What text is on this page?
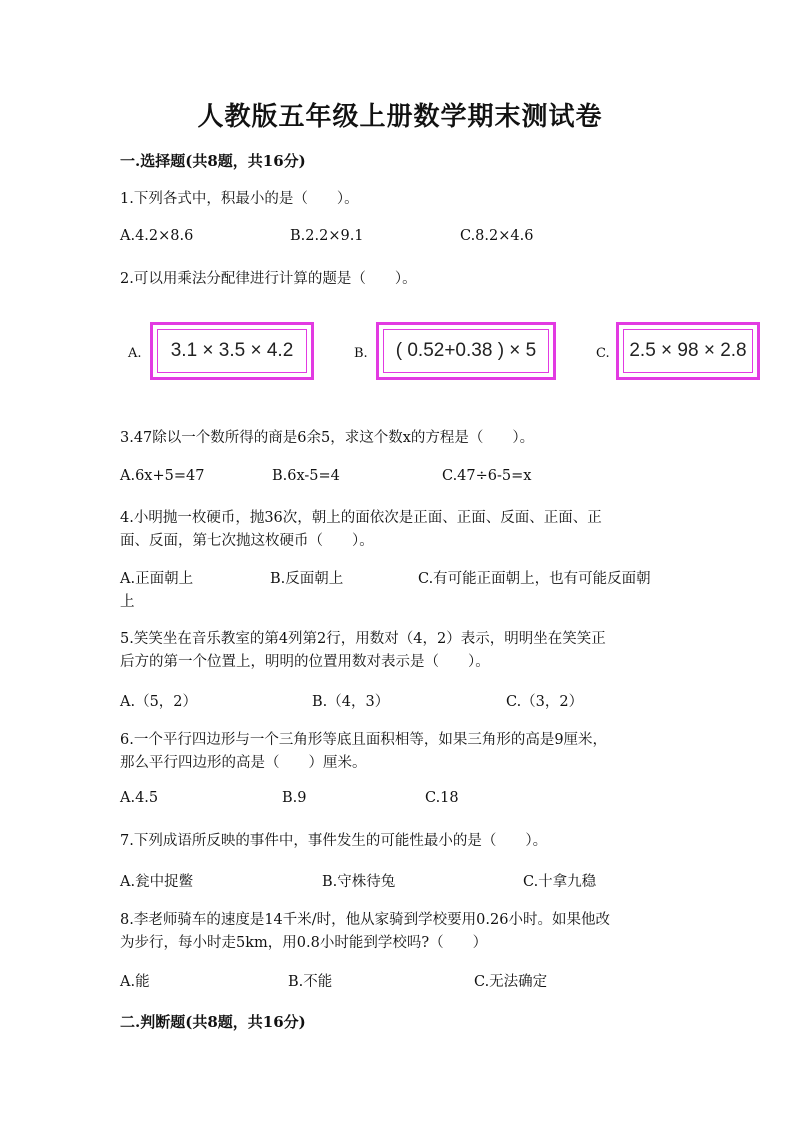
人教版五年级上册数学期末测试卷
一.选择题(共8题，共16分)
1.下列各式中，积最小的是（　　）。
A.4.2×8.6	B.2.2×9.1	C.8.2×4.6
2.可以用乘法分配律进行计算的题是（　　）。
A.	3.1 × 3.5 × 4.2	B.	( 0.52+0.38 ) × 5	C.	2.5 × 98 × 2.8
3.47除以一个数所得的商是6余5，求这个数x的方程是（　　）。
A.6x+5=47	B.6x-5=4	C.47÷6-5=x
4.小明抛一枚硬币，抛36次，朝上的面依次是正面、正面、反面、正面、正
面、反面，第七次抛这枚硬币（　　）。
A.正面朝上	B.反面朝上	C.有可能正面朝上，也有可能反面朝
上
5.笑笑坐在音乐教室的第4列第2行，用数对（4，2）表示，明明坐在笑笑正
后方的第一个位置上，明明的位置用数对表示是（　　）。
A.（5，2）	B.（4，3）	C.（3，2）
6.一个平行四边形与一个三角形等底且面积相等，如果三角形的高是9厘米，
那么平行四边形的高是（　　）厘米。
A.4.5	B.9	C.18
7.下列成语所反映的事件中，事件发生的可能性最小的是（　　）。
A.瓮中捉鳖	B.守株待兔	C.十拿九稳
8.李老师骑车的速度是14千米/时，他从家骑到学校要用0.26小时。如果他改
为步行，每小时走5km，用0.8小时能到学校吗?（　　）
A.能	B.不能	C.无法确定
二.判断题(共8题，共16分)
